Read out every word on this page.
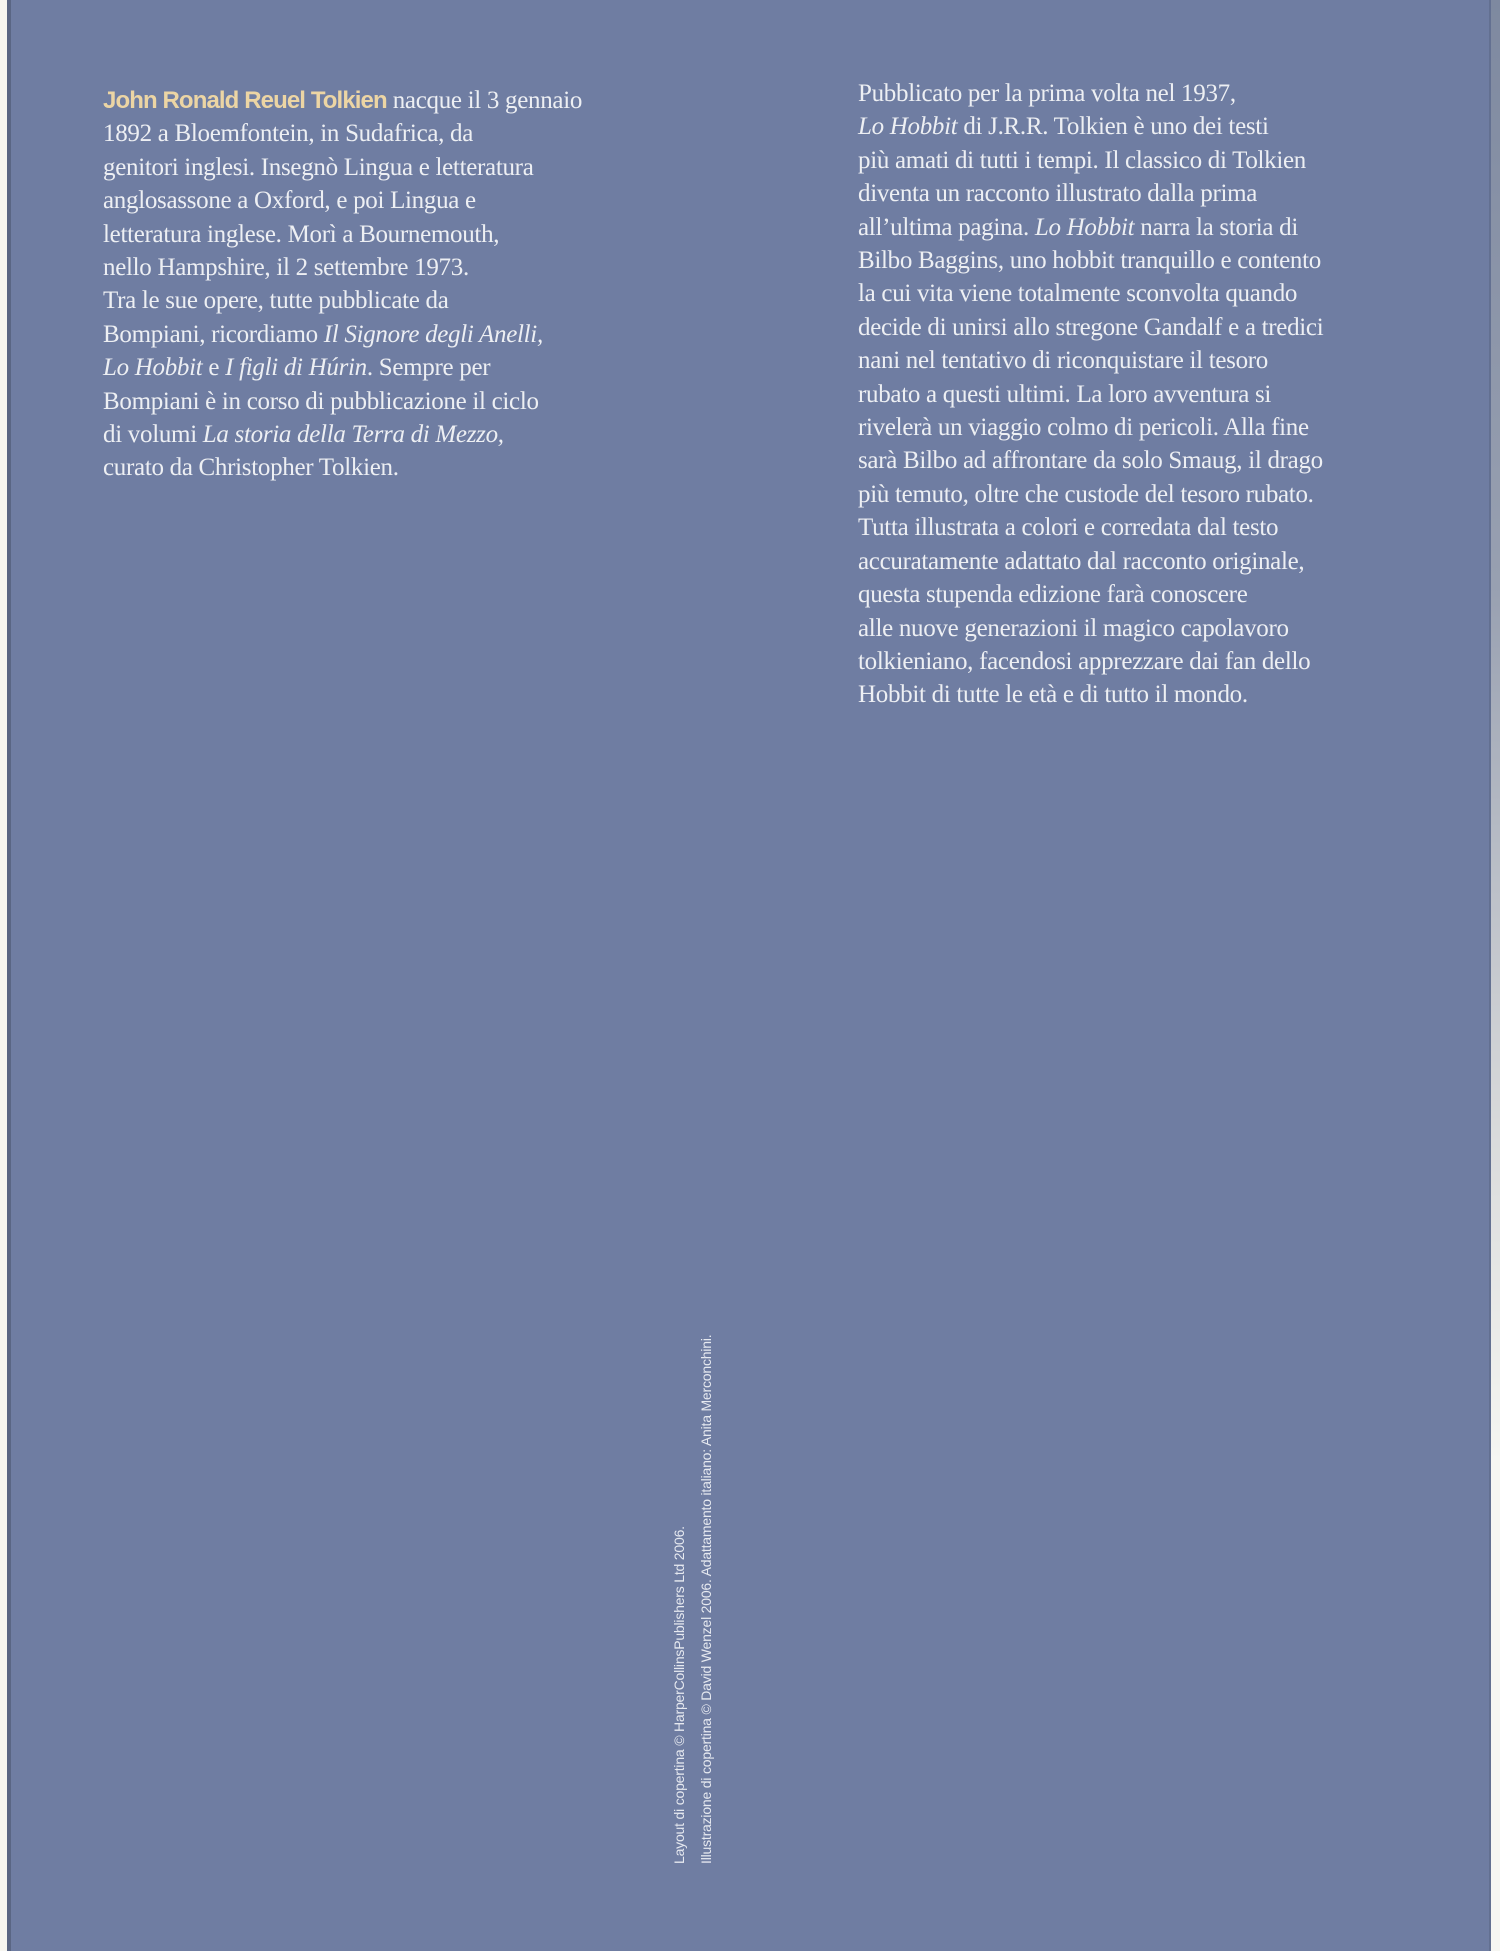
John Ronald Reuel Tolkien nacque il 3 gennaio
1892 a Bloemfontein, in Sudafrica, da
genitori inglesi. Insegnò Lingua e letteratura
anglosassone a Oxford, e poi Lingua e
letteratura inglese. Morì a Bournemouth,
nello Hampshire, il 2 settembre 1973.
Tra le sue opere, tutte pubblicate da
Bompiani, ricordiamo Il Signore degli Anelli,
Lo Hobbit e I figli di Húrin. Sempre per
Bompiani è in corso di pubblicazione il ciclo
di volumi La storia della Terra di Mezzo,
curato da Christopher Tolkien.
Pubblicato per la prima volta nel 1937,
Lo Hobbit di J.R.R. Tolkien è uno dei testi
più amati di tutti i tempi. Il classico di Tolkien
diventa un racconto illustrato dalla prima
all’ultima pagina. Lo Hobbit narra la storia di
Bilbo Baggins, uno hobbit tranquillo e contento
la cui vita viene totalmente sconvolta quando
decide di unirsi allo stregone Gandalf e a tredici
nani nel tentativo di riconquistare il tesoro
rubato a questi ultimi. La loro avventura si
rivelerà un viaggio colmo di pericoli. Alla fine
sarà Bilbo ad affrontare da solo Smaug, il drago
più temuto, oltre che custode del tesoro rubato.
Tutta illustrata a colori e corredata dal testo
accuratamente adattato dal racconto originale,
questa stupenda edizione farà conoscere
alle nuove generazioni il magico capolavoro
tolkieniano, facendosi apprezzare dai fan dello
Hobbit di tutte le età e di tutto il mondo.
Layout di copertina © HarperCollinsPublishers Ltd 2006. Illustrazione di copertina © David Wenzel 2006. Adattamento italiano: Anita Merconchini.
